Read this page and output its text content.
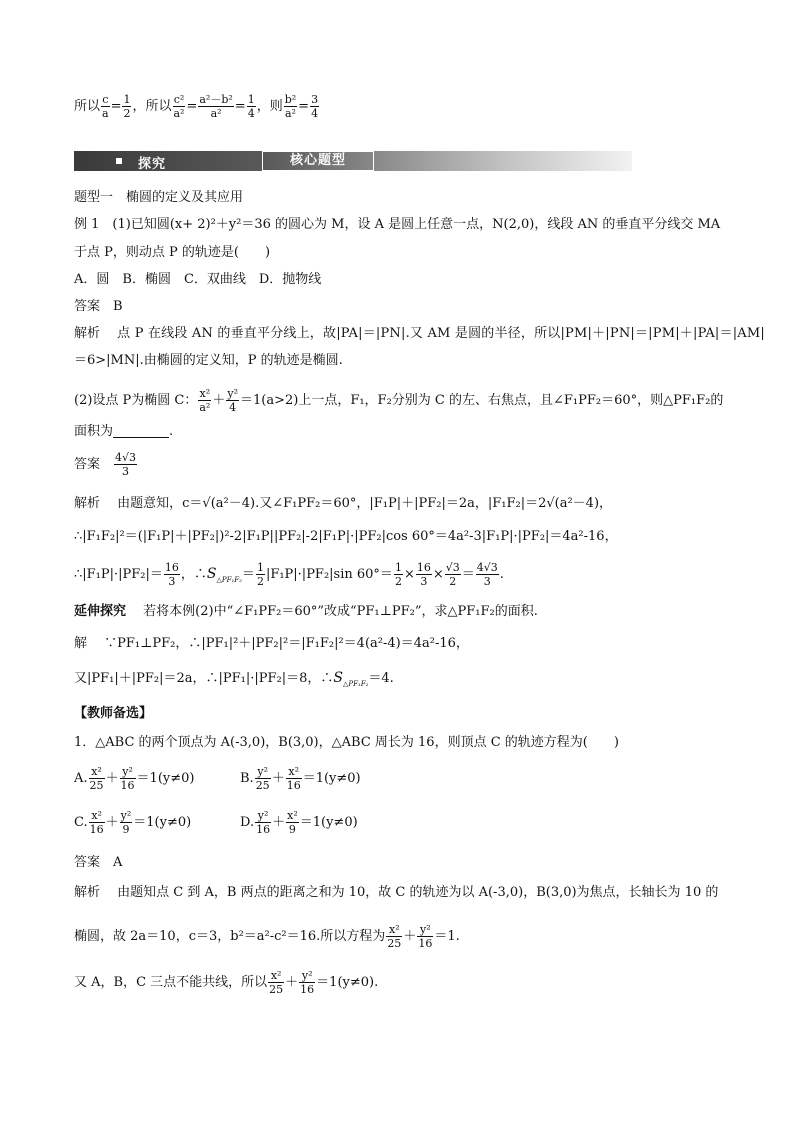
所以 $\frac{c}{a} = \frac{1}{2}$ ，所以 $\frac{\text{c²}}{\text{a²}} = \frac{\text{a²－b²}}{\text{a²}} = \frac{1}{4}$ ，则 $\frac{\text{b²}}{\text{a²}} = \frac{3}{4}$
探究	核心题型
题型一　椭圆的定义及其应用
例 1　(1)已知圆(x+ 2)²＋y²＝36 的圆心为 M，设 A 是圆上任意一点，N(2,0)，线段 AN 的垂直平分线交 MA
于点 P，则动点 P 的轨迹是(　　)
A．圆　B．椭圆　C．双曲线　D．抛物线
答案　 B
解析　 点 P 在线段 AN 的垂直平分线上，故|PA|＝|PN|.又 AM 是圆的半径，所以|PM|＋|PN|＝|PM|＋|PA|＝|AM|
＝6>|MN|.由椭圆的定义知，P 的轨迹是椭圆.
(2)设点 P为椭圆 C： $\frac{\text{x²}}{\text{a²}} + \frac{\text{y²}}{4} =1(a>2)$上一点，F₁，F₂分别为 C 的左、右焦点，且∠F₁PF₂＝60°，则△PF₁F₂的
面积为	.
答案　 $\frac{4√3}{3}$
解析　 由题意知，c＝√(a²－4).又∠F₁PF₂＝60°，|F₁P|＋|PF₂|＝2a，|F₁F₂|＝2√(a²－4)，
∴|F₁F₂|²＝(|F₁P|＋|PF₂|)²-2|F₁P||PF₂|-2|F₁P|·|PF₂|cos 60°＝4a²-3|F₁P|·|PF₂|＝4a²-16，
∴|F₁P|·|PF₂|＝ $\frac{16}{3}$ ，$\therefore S_{\triangle PF_1F_2}= \frac{1}{2} |F_1P|\cdot|PF_2|\sin$ $60^\circ= \frac{1}{2} \times \frac{16}{3} \times \frac{√3}{2} = \frac{4√3}{3}$ .
延伸探究　 若将本例(2)中“∠F₁PF₂＝60°”改成“PF₁⊥PF₂”，求△PF₁F₂的面积.
解　 ∵PF₁⊥PF₂，∴|PF₁|²＋|PF₂|²＝|F₁F₂|²＝4(a²-4)＝4a²-16，
又|PF₁|＋|PF₂|＝2a，∴|PF₁|·|PF₂|＝8，$\therefore S_{\triangle PF_1F_2}=4$.
【教师备选】
1．△ABC 的两个顶点为 A(-3,0)，B(3,0)，△ABC 周长为 16，则顶点 C 的轨迹方程为(　　)
A. $\frac{\text{x²}}{25} + \frac{\text{y²}}{16} =1(y\ne 0)$	B. $\frac{\text{y²}}{25} + \frac{\text{x²}}{16} =1(y\ne 0)$
C. $\frac{\text{x²}}{16} + \frac{\text{y²}}{9} =1(y\ne 0)$	D. $\frac{\text{y²}}{16} + \frac{\text{x²}}{9} =1(y\ne 0)$
答案　 A
解析　 由题知点 C 到 A，B 两点的距离之和为 10，故 C 的轨迹为以 A(-3,0)，B(3,0)为焦点，长轴长为 10 的
椭圆，故 2a＝10，c＝3，b²＝a²-c²＝16.所以方程为 $\frac{\text{x²}}{25} + \frac{\text{y²}}{16} =1$.
又 A，B，C 三点不能共线，所以 $\frac{\text{x²}}{25} + \frac{\text{y²}}{16} =1(y\ne 0)$.
